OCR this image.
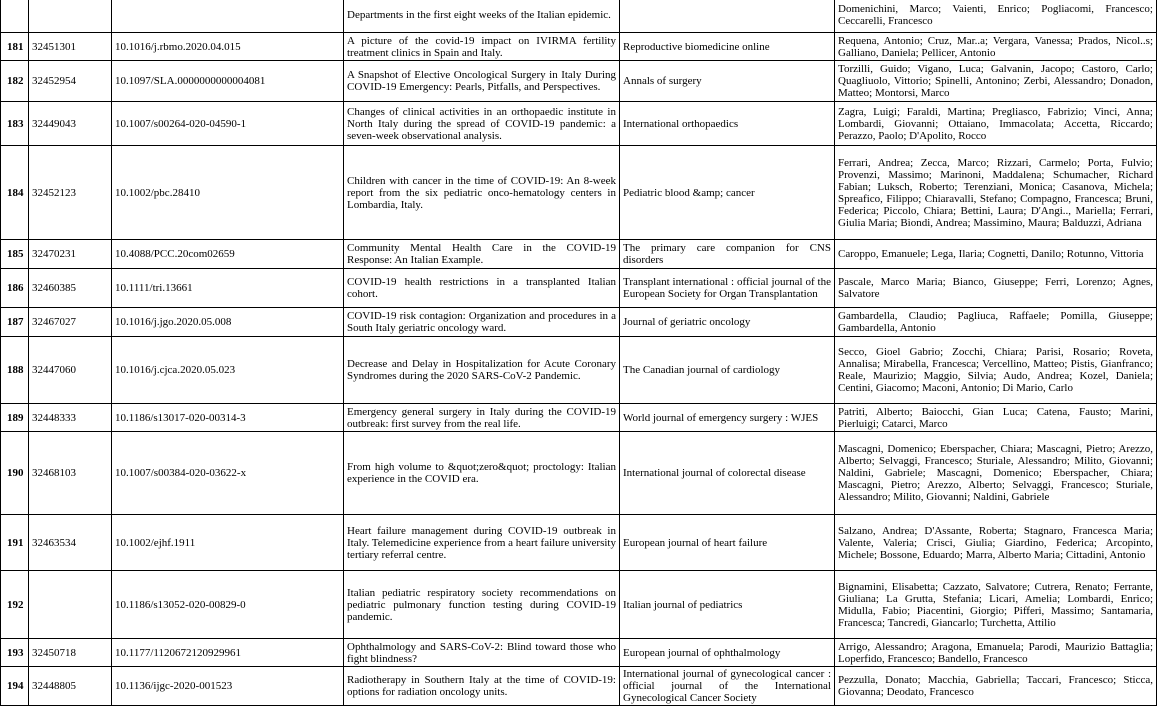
			Departments in the first eight weeks of the Italian epidemic.		Domenichini, Marco; Vaienti, Enrico; Pogliacomi, Francesco; Ceccarelli, Francesco
181	32451301	10.1016/j.rbmo.2020.04.015	A picture of the covid-19 impact on IVIRMA fertility treatment clinics in Spain and Italy.	Reproductive biomedicine online	Requena, Antonio; Cruz, Mar..a; Vergara, Vanessa; Prados, Nicol..s; Galliano, Daniela; Pellicer, Antonio
182	32452954	10.1097/SLA.0000000000004081	A Snapshot of Elective Oncological Surgery in Italy During COVID-19 Emergency: Pearls, Pitfalls, and Perspectives.	Annals of surgery	Torzilli, Guido; Vigano, Luca; Galvanin, Jacopo; Castoro, Carlo; Quagliuolo, Vittorio; Spinelli, Antonino; Zerbi, Alessandro; Donadon, Matteo; Montorsi, Marco
183	32449043	10.1007/s00264-020-04590-1	Changes of clinical activities in an orthopaedic institute in North Italy during the spread of COVID-19 pandemic: a seven-week observational analysis.	International orthopaedics	Zagra, Luigi; Faraldi, Martina; Pregliasco, Fabrizio; Vinci, Anna; Lombardi, Giovanni; Ottaiano, Immacolata; Accetta, Riccardo; Perazzo, Paolo; D'Apolito, Rocco
184	32452123	10.1002/pbc.28410	Children with cancer in the time of COVID-19: An 8-week report from the six pediatric onco-hematology centers in Lombardia, Italy.	Pediatric blood &amp; cancer	Ferrari, Andrea; Zecca, Marco; Rizzari, Carmelo; Porta, Fulvio; Provenzi, Massimo; Marinoni, Maddalena; Schumacher, Richard Fabian; Luksch, Roberto; Terenziani, Monica; Casanova, Michela; Spreafico, Filippo; Chiaravalli, Stefano; Compagno, Francesca; Bruni, Federica; Piccolo, Chiara; Bettini, Laura; D'Angi.., Mariella; Ferrari, Giulia Maria; Biondi, Andrea; Massimino, Maura; Balduzzi, Adriana
185	32470231	10.4088/PCC.20com02659	Community Mental Health Care in the COVID-19 Response: An Italian Example.	The primary care companion for CNS disorders	Caroppo, Emanuele; Lega, Ilaria; Cognetti, Danilo; Rotunno, Vittoria
186	32460385	10.1111/tri.13661	COVID-19 health restrictions in a transplanted Italian cohort.	Transplant international : official journal of the European Society for Organ Transplantation	Pascale, Marco Maria; Bianco, Giuseppe; Ferri, Lorenzo; Agnes, Salvatore
187	32467027	10.1016/j.jgo.2020.05.008	COVID-19 risk contagion: Organization and procedures in a South Italy geriatric oncology ward.	Journal of geriatric oncology	Gambardella, Claudio; Pagliuca, Raffaele; Pomilla, Giuseppe; Gambardella, Antonio
188	32447060	10.1016/j.cjca.2020.05.023	Decrease and Delay in Hospitalization for Acute Coronary Syndromes during the 2020 SARS-CoV-2 Pandemic.	The Canadian journal of cardiology	Secco, Gioel Gabrio; Zocchi, Chiara; Parisi, Rosario; Roveta, Annalisa; Mirabella, Francesca; Vercellino, Matteo; Pistis, Gianfranco; Reale, Maurizio; Maggio, Silvia; Audo, Andrea; Kozel, Daniela; Centini, Giacomo; Maconi, Antonio; Di Mario, Carlo
189	32448333	10.1186/s13017-020-00314-3	Emergency general surgery in Italy during the COVID-19 outbreak: first survey from the real life.	World journal of emergency surgery : WJES	Patriti, Alberto; Baiocchi, Gian Luca; Catena, Fausto; Marini, Pierluigi; Catarci, Marco
190	32468103	10.1007/s00384-020-03622-x	From high volume to &quot;zero&quot; proctology: Italian experience in the COVID era.	International journal of colorectal disease	Mascagni, Domenico; Eberspacher, Chiara; Mascagni, Pietro; Arezzo, Alberto; Selvaggi, Francesco; Sturiale, Alessandro; Milito, Giovanni; Naldini, Gabriele; Mascagni, Domenico; Eberspacher, Chiara; Mascagni, Pietro; Arezzo, Alberto; Selvaggi, Francesco; Sturiale, Alessandro; Milito, Giovanni; Naldini, Gabriele
191	32463534	10.1002/ejhf.1911	Heart failure management during COVID-19 outbreak in Italy. Telemedicine experience from a heart failure university tertiary referral centre.	European journal of heart failure	Salzano, Andrea; D'Assante, Roberta; Stagnaro, Francesca Maria; Valente, Valeria; Crisci, Giulia; Giardino, Federica; Arcopinto, Michele; Bossone, Eduardo; Marra, Alberto Maria; Cittadini, Antonio
192		10.1186/s13052-020-00829-0	Italian pediatric respiratory society recommendations on pediatric pulmonary function testing during COVID-19 pandemic.	Italian journal of pediatrics	Bignamini, Elisabetta; Cazzato, Salvatore; Cutrera, Renato; Ferrante, Giuliana; La Grutta, Stefania; Licari, Amelia; Lombardi, Enrico; Midulla, Fabio; Piacentini, Giorgio; Pifferi, Massimo; Santamaria, Francesca; Tancredi, Giancarlo; Turchetta, Attilio
193	32450718	10.1177/1120672120929961	Ophthalmology and SARS-CoV-2: Blind toward those who fight blindness?	European journal of ophthalmology	Arrigo, Alessandro; Aragona, Emanuela; Parodi, Maurizio Battaglia; Loperfido, Francesco; Bandello, Francesco
194	32448805	10.1136/ijgc-2020-001523	Radiotherapy in Southern Italy at the time of COVID-19: options for radiation oncology units.	International journal of gynecological cancer : official journal of the International Gynecological Cancer Society	Pezzulla, Donato; Macchia, Gabriella; Taccari, Francesco; Sticca, Giovanna; Deodato, Francesco
